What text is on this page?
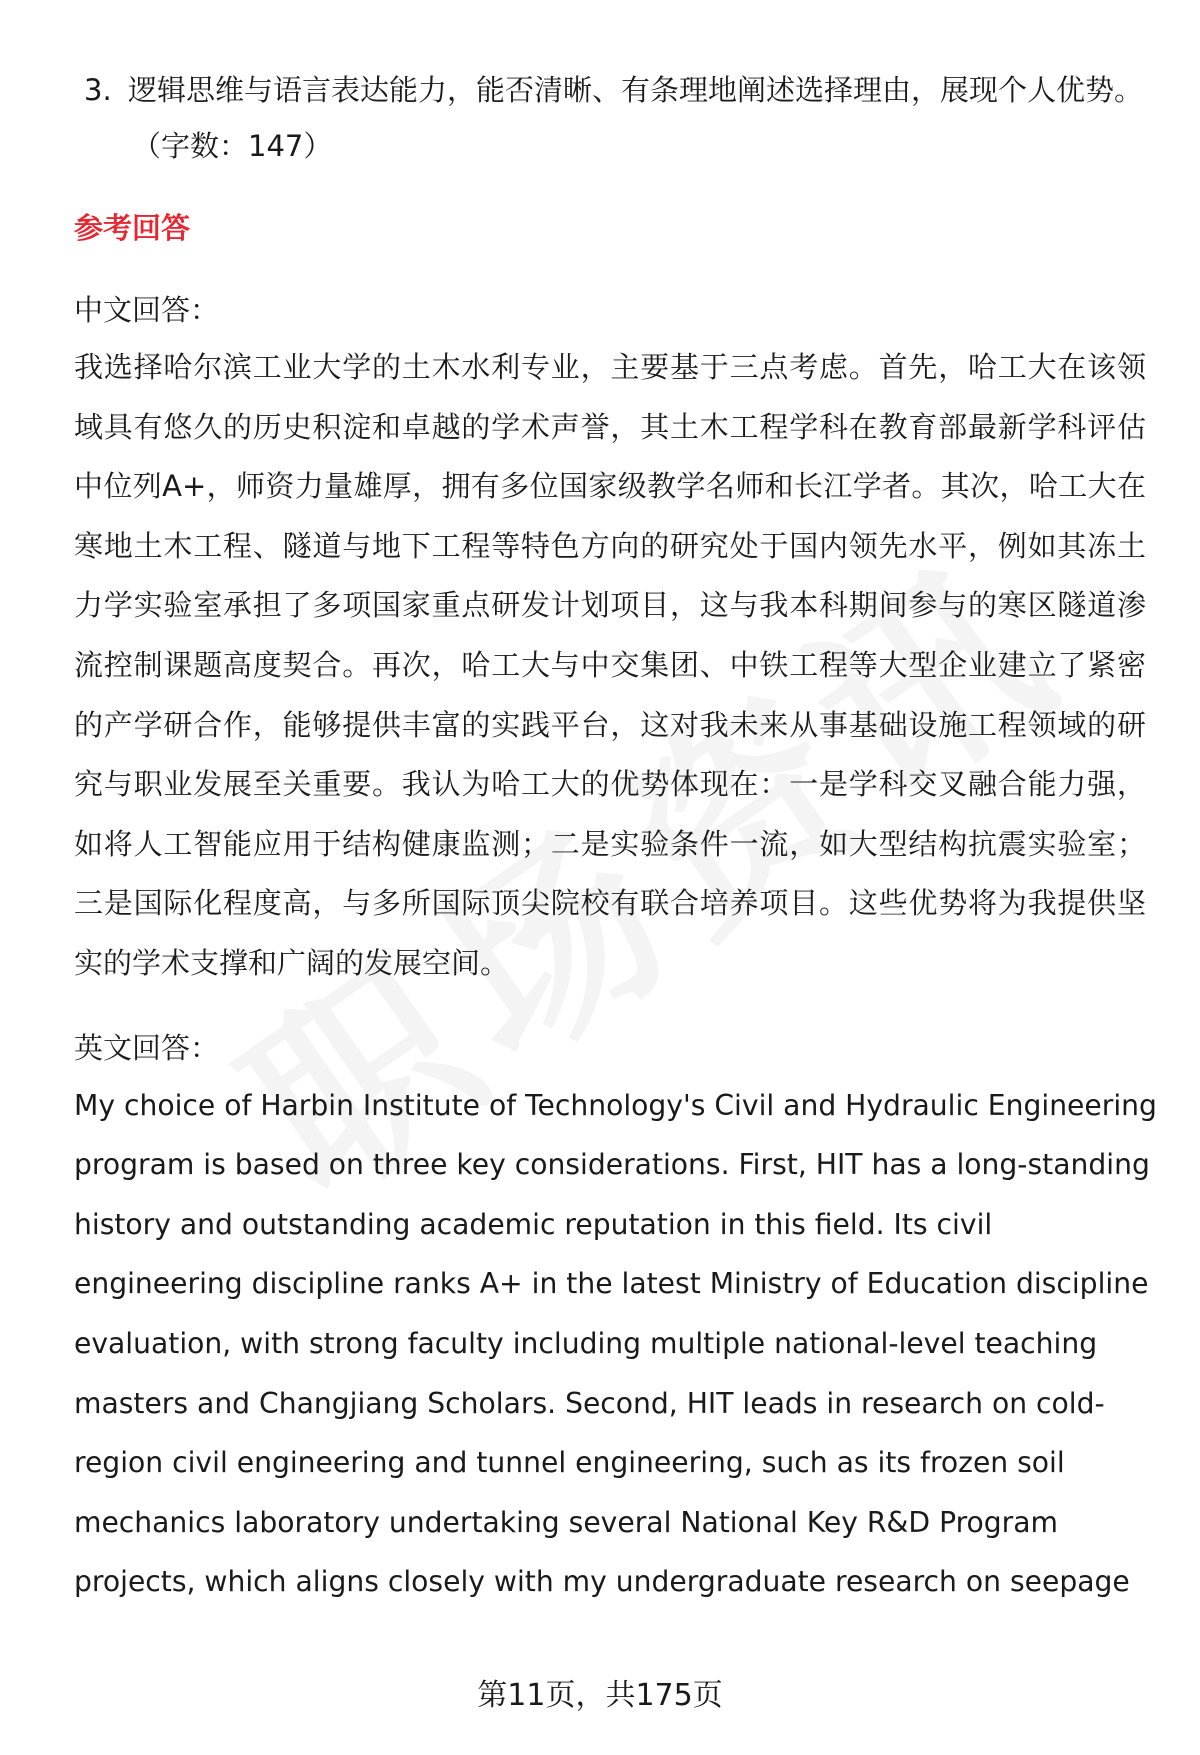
3. 逻辑思维与语言表达能力，能否清晰、有条理地阐述选择理由，展现个人优势。
（字数：147）
参考回答
中文回答：
我选择哈尔滨工业大学的土木水利专业，主要基于三点考虑。首先，哈工大在该领域具有悠久的历史积淀和卓越的学术声誉，其土木工程学科在教育部最新学科评估中位列A+，师资力量雄厚，拥有多位国家级教学名师和长江学者。其次，哈工大在寒地土木工程、隧道与地下工程等特色方向的研究处于国内领先水平，例如其冻土力学实验室承担了多项国家重点研发计划项目，这与我本科期间参与的寒区隧道渗流控制课题高度契合。再次，哈工大与中交集团、中铁工程等大型企业建立了紧密的产学研合作，能够提供丰富的实践平台，这对我未来从事基础设施工程领域的研究与职业发展至关重要。我认为哈工大的优势体现在：一是学科交叉融合能力强，如将人工智能应用于结构健康监测；二是实验条件一流，如大型结构抗震实验室；三是国际化程度高，与多所国际顶尖院校有联合培养项目。这些优势将为我提供坚实的学术支撑和广阔的发展空间。
英文回答：
My choice of Harbin Institute of Technology's Civil and Hydraulic Engineering program is based on three key considerations. First, HIT has a long-standing history and outstanding academic reputation in this field. Its civil engineering discipline ranks A+ in the latest Ministry of Education discipline evaluation, with strong faculty including multiple national-level teaching masters and Changjiang Scholars. Second, HIT leads in research on cold-region civil engineering and tunnel engineering, such as its frozen soil mechanics laboratory undertaking several National Key R&D Program projects, which aligns closely with my undergraduate research on seepage
第11页，共175页
